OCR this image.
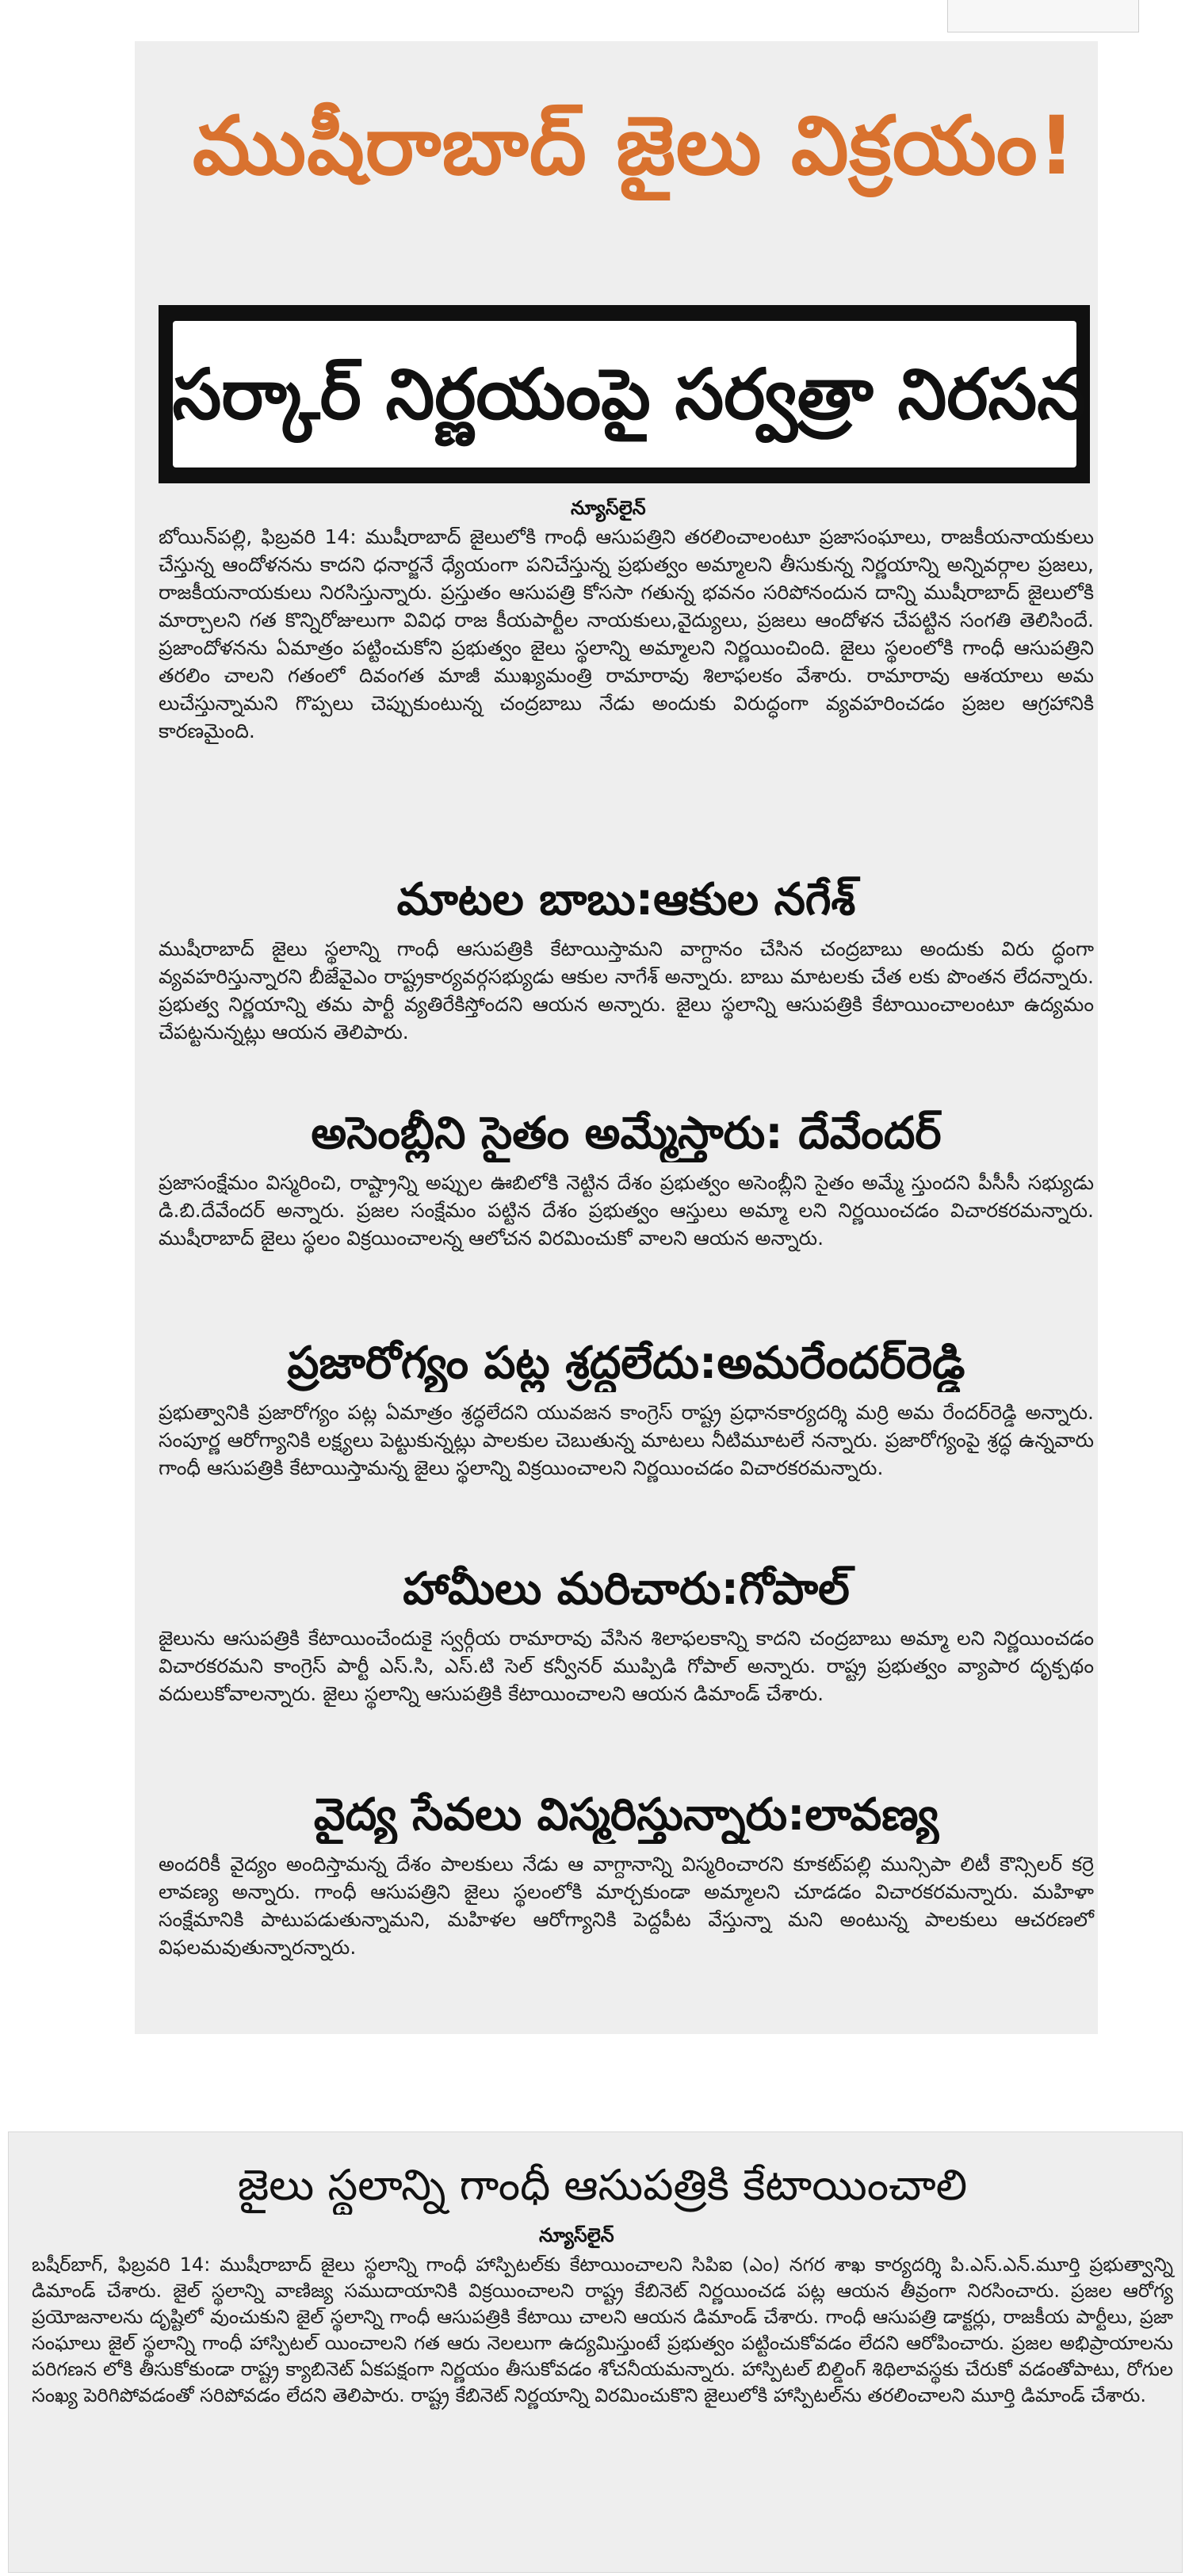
ముషీరాబాద్ జైలు విక్రయం!
సర్కార్ నిర్ణయంపై సర్వత్రా నిరసన
న్యూస్‌లైన్
బోయిన్‌పల్లి, ఫిబ్రవరి 14: ముషీరాబాద్ జైలులోకి గాంధీ ఆసుపత్రిని తరలించాలంటూ ప్రజాసంఘాలు, రాజకీయనాయకులు చేస్తున్న ఆందోళనను కాదని ధనార్జనే ధ్యేయంగా పనిచేస్తున్న ప్రభుత్వం అమ్మాలని తీసుకున్న నిర్ణయాన్ని అన్నివర్గాల ప్రజలు, రాజకీయనాయకులు నిరసిస్తున్నారు. ప్రస్తుతం ఆసుపత్రి కోససా గతున్న భవనం సరిపోనందున దాన్ని ముషీరాబాద్ జైలులోకి మార్చాలని గత కొన్నిరోజులుగా వివిధ రాజ కీయపార్టీల నాయకులు,వైద్యులు, ప్రజలు ఆందోళన చేపట్టిన సంగతి తెలిసిందే. ప్రజాందోళనను ఏమాత్రం పట్టించుకోని ప్రభుత్వం జైలు స్థలాన్ని అమ్మాలని నిర్ణయించింది. జైలు స్థలంలోకి గాంధీ ఆసుపత్రిని తరలిం చాలని గతంలో దివంగత మాజీ ముఖ్యమంత్రి రామారావు శిలాఫలకం వేశారు. రామారావు ఆశయాలు అమ లుచేస్తున్నామని గొప్పలు చెప్పుకుంటున్న చంద్రబాబు నేడు అందుకు విరుద్ధంగా వ్యవహరించడం ప్రజల ఆగ్రహానికి కారణమైంది.
మాటల బాబు:ఆకుల నగేశ్
ముషీరాబాద్ జైలు స్థలాన్ని గాంధీ ఆసుపత్రికి కేటాయిస్తామని వాగ్దానం చేసిన చంద్రబాబు అందుకు విరు ద్ధంగా వ్యవహరిస్తున్నారని బీజేవైఎం రాష్ట్రకార్యవర్గసభ్యుడు ఆకుల నాగేశ్ అన్నారు. బాబు మాటలకు చేత లకు పొంతన లేదన్నారు. ప్రభుత్వ నిర్ణయాన్ని తమ పార్టీ వ్యతిరేకిస్తోందని ఆయన అన్నారు. జైలు స్థలాన్ని ఆసుపత్రికి కేటాయించాలంటూ ఉద్యమం చేపట్టనున్నట్లు ఆయన తెలిపారు.
అసెంబ్లీని సైతం అమ్మేస్తారు: దేవేందర్
ప్రజాసంక్షేమం విస్మరించి, రాష్ట్రాన్ని అప్పుల ఊబిలోకి నెట్టిన దేశం ప్రభుత్వం అసెంబ్లీని సైతం అమ్మే స్తుందని పీసీసీ సభ్యుడు డి.బి.దేవేందర్ అన్నారు. ప్రజల సంక్షేమం పట్టిన దేశం ప్రభుత్వం ఆస్తులు అమ్మా లని నిర్ణయించడం విచారకరమన్నారు. ముషీరాబాద్ జైలు స్థలం విక్రయించాలన్న ఆలోచన విరమించుకో వాలని ఆయన అన్నారు.
ప్రజారోగ్యం పట్ల శ్రద్ధలేదు:అమరేందర్‌రెడ్డి
ప్రభుత్వానికి ప్రజారోగ్యం పట్ల ఏమాత్రం శ్రద్ధలేదని యువజన కాంగ్రెస్ రాష్ట్ర ప్రధానకార్యదర్శి మర్రి అమ రేందర్‌రెడ్డి అన్నారు. సంపూర్ణ ఆరోగ్యానికి లక్ష్యలు పెట్టుకున్నట్లు పాలకుల చెబుతున్న మాటలు నీటిమూటలే నన్నారు. ప్రజారోగ్యంపై శ్రద్ధ ఉన్నవారు గాంధీ ఆసుపత్రికి కేటాయిస్తామన్న జైలు స్థలాన్ని విక్రయించాలని నిర్ణయించడం విచారకరమన్నారు.
హామీలు మరిచారు:గోపాల్
జైలును ఆసుపత్రికి కేటాయించేందుకై స్వర్గీయ రామారావు వేసిన శిలాఫలకాన్ని కాదని చంద్రబాబు అమ్మా లని నిర్ణయించడం విచారకరమని కాంగ్రెస్ పార్టీ ఎస్.సి, ఎస్.టి సెల్ కన్వీనర్ ముప్పిడి గోపాల్ అన్నారు. రాష్ట్ర ప్రభుత్వం వ్యాపార దృక్పథం వదులుకోవాలన్నారు. జైలు స్థలాన్ని ఆసుపత్రికి కేటాయించాలని ఆయన డిమాండ్ చేశారు.
వైద్య సేవలు విస్మరిస్తున్నారు:లావణ్య
అందరికీ వైద్యం అందిస్తామన్న దేశం పాలకులు నేడు ఆ వాగ్దానాన్ని విస్మరించారని కూకట్‌పల్లి మున్సిపా లిటీ కౌన్సిలర్ కర్రె లావణ్య అన్నారు. గాంధీ ఆసుపత్రిని జైలు స్థలంలోకి మార్చకుండా అమ్మాలని చూడడం విచారకరమన్నారు. మహిళా సంక్షేమానికి పాటుపడుతున్నామని, మహిళల ఆరోగ్యానికి పెద్దపీట వేస్తున్నా మని అంటున్న పాలకులు ఆచరణలో విఫలమవుతున్నారన్నారు.
జైలు స్థలాన్ని గాంధీ ఆసుపత్రికి కేటాయించాలి
న్యూస్‌లైన్
బషీర్‌బాగ్, ఫిబ్రవరి 14: ముషీరాబాద్ జైలు స్థలాన్ని గాంధీ హాస్పిటల్‌కు కేటాయించాలని సిపిఐ (ఎం) నగర శాఖ కార్యదర్శి పి.ఎస్.ఎన్.మూర్తి ప్రభుత్వాన్ని డిమాండ్ చేశారు. జైల్ స్థలాన్ని వాణిజ్య సముదాయానికి విక్రయించాలని రాష్ట్ర కేబినెట్ నిర్ణయించడ పట్ల ఆయన తీవ్రంగా నిరసించారు. ప్రజల ఆరోగ్య ప్రయోజనాలను దృష్టిలో వుంచుకుని జైల్ స్థలాన్ని గాంధీ ఆసుపత్రికి కేటాయి చాలని ఆయన డిమాండ్ చేశారు. గాంధీ ఆసుపత్రి డాక్టర్లు, రాజకీయ పార్టీలు, ప్రజా సంఘాలు జైల్ స్థలాన్ని గాంధీ హాస్పిటల్ యించాలని గత ఆరు నెలలుగా ఉద్యమిస్తుంటే ప్రభుత్వం పట్టించుకోవడం లేదని ఆరోపించారు. ప్రజల అభిప్రాయాలను పరిగణన లోకి తీసుకోకుండా రాష్ట్ర క్యాబినెట్ ఏకపక్షంగా నిర్ణయం తీసుకోవడం శోచనీయమన్నారు. హాస్పిటల్ బిల్డింగ్ శిథిలావస్థకు చేరుకో వడంతోపాటు, రోగుల సంఖ్య పెరిగిపోవడంతో సరిపోవడం లేదని తెలిపారు. రాష్ట్ర కేబినెట్ నిర్ణయాన్ని విరమించుకొని జైలులోకి హాస్పిటల్‌ను తరలించాలని మూర్తి డిమాండ్ చేశారు.
